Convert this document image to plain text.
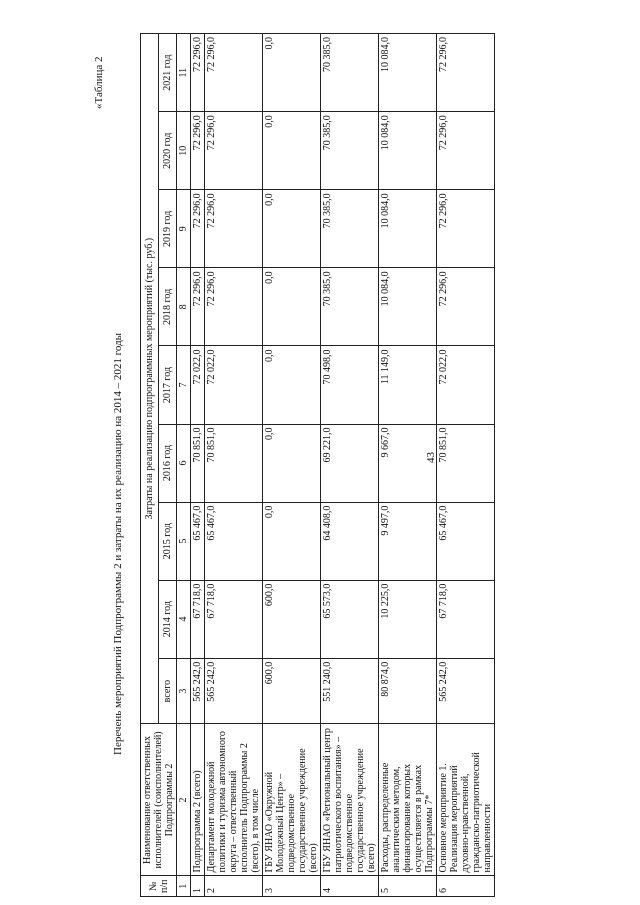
43
«Таблица 2
Перечень мероприятий Подпрограммы 2 и затраты на их реализацию на 2014 – 2021 годы
№ п/п	Наименование ответственных исполнителей (соисполнителей) Подпрограммы 2	Затраты на реализацию подпрограммных мероприятий (тыс. руб.)								
		всего	2014 год	2015 год	2016 год	2017 год	2018 год	2019 год	2020 год	2021 год
1	2	3	4	5	6	7	8	9	10	11
1	Подпрограмма 2 (всего)	565 242,0	67 718,0	65 467,0	70 851,0	72 022,0	72 296,0	72 296,0	72 296,0	72 296,0
2	Департамент молодежной политики и туризма автономного округа – ответственный исполнитель Подпрограммы 2 (всего), в том числе	565 242,0	67 718,0	65 467,0	70 851,0	72 022,0	72 296,0	72 296,0	72 296,0	72 296,0
3	ГБУ ЯНАО «Окружной Молодежный Центр» – подведомственное государственное учреждение (всего)	600,0	600,0	0,0	0,0	0,0	0,0	0,0	0,0	0,0
4	ГБУ ЯНАО «Региональный центр патриотического воспитания» – подведомственное государственное учреждение (всего)	551 240,0	65 573,0	64 408,0	69 221,0	70 498,0	70 385,0	70 385,0	70 385,0	70 385,0
5	Расходы, распределенные аналитическим методом, финансирование которых осуществляется в рамках Подпрограммы 7*	80 874,0	10 225,0	9 497,0	9 667,0	11 149,0	10 084,0	10 084,0	10 084,0	10 084,0
6	Основное мероприятие 1. Реализация мероприятий духовно-нравственной, гражданско-патриотической направленности	565 242,0	67 718,0	65 467,0	70 851,0	72 022,0	72 296,0	72 296,0	72 296,0	72 296,0
